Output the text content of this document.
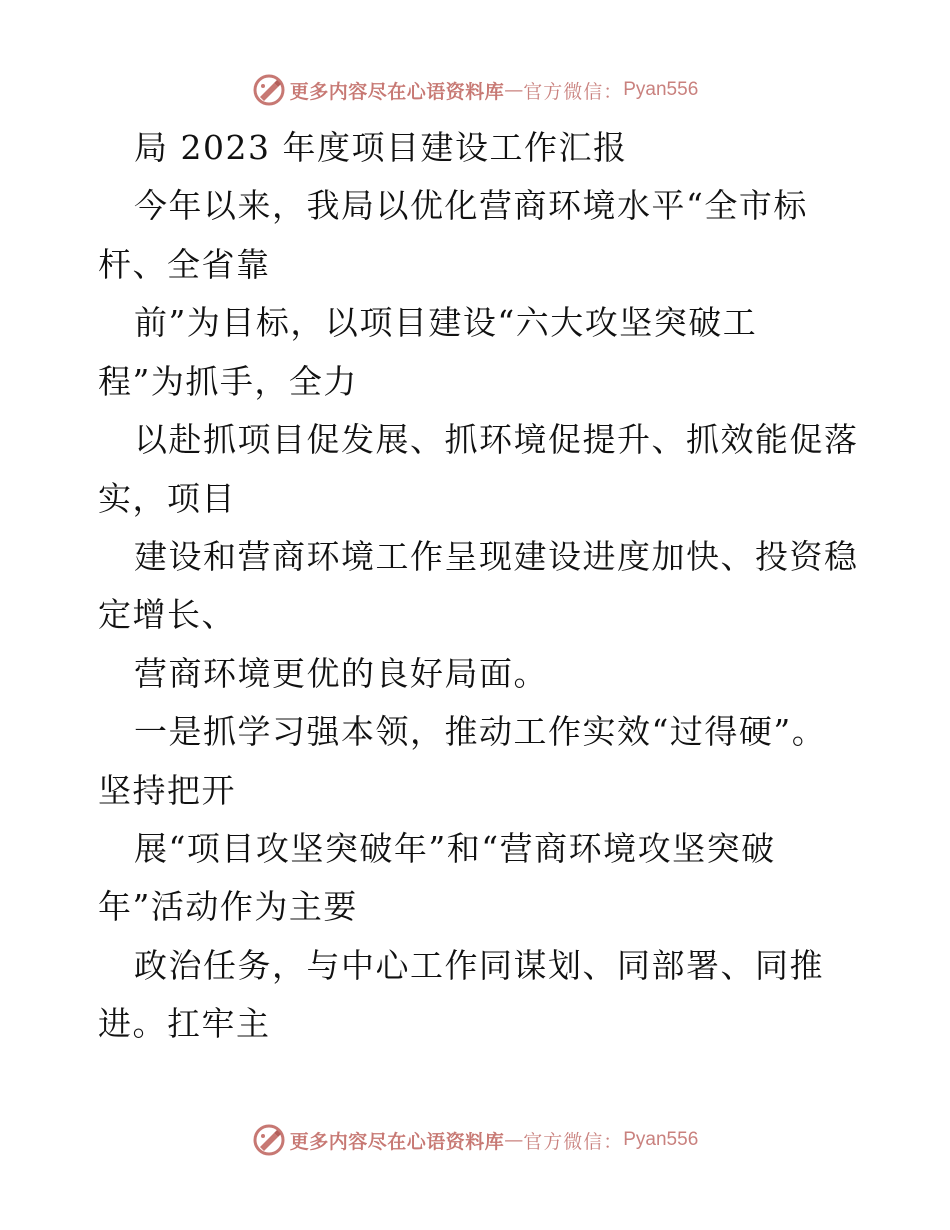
更多内容尽在心语资料库 — 官方微信： Pyan556
局 2023 年度项目建设工作汇报
今年以来，我局以优化营商环境水平“全市标
杆、全省靠
前”为目标，以项目建设“六大攻坚突破工
程”为抓手，全力
以赴抓项目促发展、抓环境促提升、抓效能促落
实，项目
建设和营商环境工作呈现建设进度加快、投资稳
定增长、
营商环境更优的良好局面。
一是抓学习强本领，推动工作实效“过得硬”。
坚持把开
展“项目攻坚突破年”和“营商环境攻坚突破
年”活动作为主要
政治任务，与中心工作同谋划、同部署、同推
进。扛牢主
更多内容尽在心语资料库 — 官方微信： Pyan556
